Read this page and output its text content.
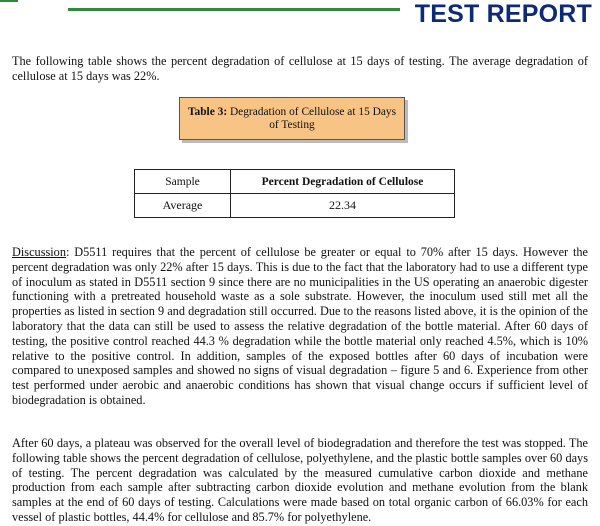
TEST REPORT

The following table shows the percent degradation of cellulose at 15 days of testing. The average degradation of cellulose at 15 days was 22%.

Table 3: Degradation of Cellulose at 15 Days of Testing
Sample	Percent Degradation of Cellulose
Average	22.34

Discussion: D5511 requires that the percent of cellulose be greater or equal to 70% after 15 days. However the percent degradation was only 22% after 15 days. This is due to the fact that the laboratory had to use a different type of inoculum as stated in D5511 section 9 since there are no municipalities in the US operating an anaerobic digester functioning with a pretreated household waste as a sole substrate. However, the inoculum used still met all the properties as listed in section 9 and degradation still occurred. Due to the reasons listed above, it is the opinion of the laboratory that the data can still be used to assess the relative degradation of the bottle material. After 60 days of testing, the positive control reached 44.3 % degradation while the bottle material only reached 4.5%, which is 10% relative to the positive control. In addition, samples of the exposed bottles after 60 days of incubation were compared to unexposed samples and showed no signs of visual degradation – figure 5 and 6. Experience from other test performed under aerobic and anaerobic conditions has shown that visual change occurs if sufficient level of biodegradation is obtained.

After 60 days, a plateau was observed for the overall level of biodegradation and therefore the test was stopped. The following table shows the percent degradation of cellulose, polyethylene, and the plastic bottle samples over 60 days of testing. The percent degradation was calculated by the measured cumulative carbon dioxide and methane production from each sample after subtracting carbon dioxide evolution and methane evolution from the blank samples at the end of 60 days of testing. Calculations were made based on total organic carbon of 66.03% for each vessel of plastic bottles, 44.4% for cellulose and 85.7% for polyethylene.
